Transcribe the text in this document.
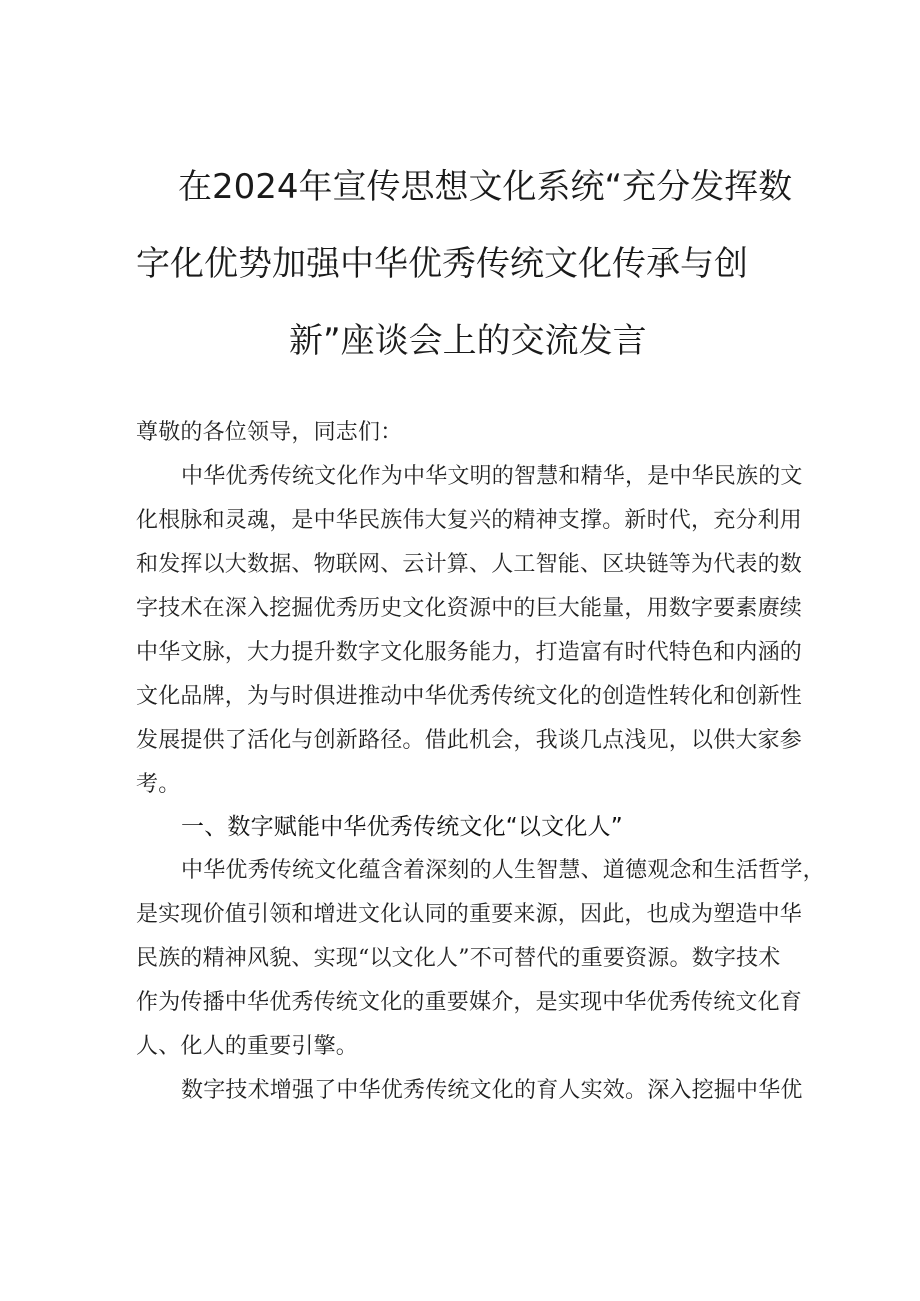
在2024年宣传思想文化系统“充分发挥数
字化优势加强中华优秀传统文化传承与创
新”座谈会上的交流发言
尊敬的各位领导，同志们：
中华优秀传统文化作为中华文明的智慧和精华，是中华民族的文
化根脉和灵魂，是中华民族伟大复兴的精神支撑。新时代，充分利用
和发挥以大数据、物联网、云计算、人工智能、区块链等为代表的数
字技术在深入挖掘优秀历史文化资源中的巨大能量，用数字要素赓续
中华文脉，大力提升数字文化服务能力，打造富有时代特色和内涵的
文化品牌，为与时俱进推动中华优秀传统文化的创造性转化和创新性
发展提供了活化与创新路径。借此机会，我谈几点浅见，以供大家参
考。
一、数字赋能中华优秀传统文化“以文化人”
中华优秀传统文化蕴含着深刻的人生智慧、道德观念和生活哲学，
是实现价值引领和增进文化认同的重要来源，因此，也成为塑造中华
民族的精神风貌、实现“以文化人”不可替代的重要资源。数字技术
作为传播中华优秀传统文化的重要媒介，是实现中华优秀传统文化育
人、化人的重要引擎。
数字技术增强了中华优秀传统文化的育人实效。深入挖掘中华优
